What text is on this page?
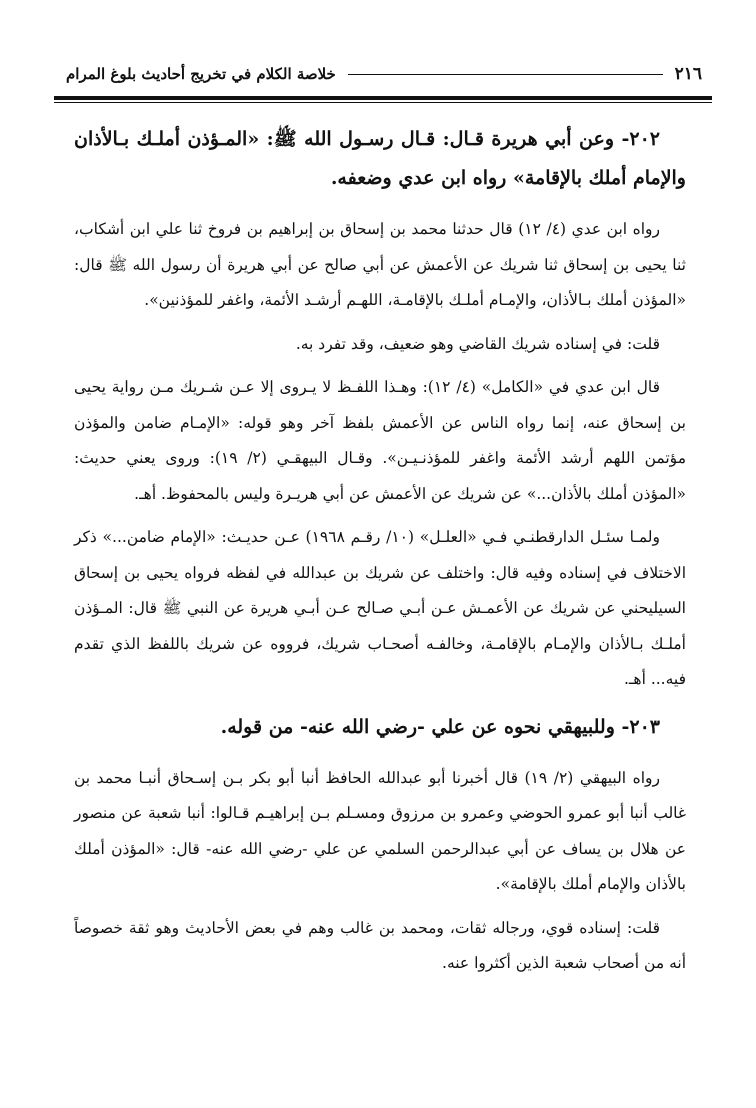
خلاصة الكلام في تخريج أحاديث بلوغ المرام	٢١٦

٢٠٢- وعن أبي هريرة قـال: قـال رسـول الله ﷺ: «المـؤذن أملـك بـالأذان والإمام أملك بالإقامة» رواه ابن عدي وضعفه.

رواه ابن عدي (٤/ ١٢) قال حدثنا محمد بن إسحاق بن إبراهيم بن فروخ ثنا علي ابن أشكاب، ثنا يحيى بن إسحاق ثنا شريك عن الأعمش عن أبي صالح عن أبي هريرة أن رسول الله ﷺ قال: «المؤذن أملك بـالأذان، والإمـام أملـك بالإقامـة، اللهـم أرشـد الأئمة، واغفر للمؤذنين».

قلت: في إسناده شريك القاضي وهو ضعيف، وقد تفرد به.

قال ابن عدي في «الكامل» (٤/ ١٢): وهـذا اللفـظ لا يـروى إلا عـن شـريك مـن رواية يحيى بن إسحاق عنه، إنما رواه الناس عن الأعمش بلفظ آخر وهو قوله: «الإمـام ضامن والمؤذن مؤتمن اللهم أرشد الأئمة واغفر للمؤذنـيـن». وقـال البيهقـي (٢/ ١٩): وروى يعني حديث: «المؤذن أملك بالأذان...» عن شريك عن الأعمش عن أبي هريـرة وليس بالمحفوظ. أهـ.

ولمـا سئـل الدارقطنـي فـي «العلـل» (١٠/ رقـم ١٩٦٨) عـن حديـث: «الإمام ضامن...» ذكر الاختلاف في إسناده وفيه قال: واختلف عن شريك بن عبدالله في لفظه فرواه يحيى بن إسحاق السيليحني عن شريك عن الأعمـش عـن أبـي صـالح عـن أبـي هريرة عن النبي ﷺ قال: المـؤذن أملـك بـالأذان والإمـام بالإقامـة، وخالفـه أصحـاب شريك، فرووه عن شريك باللفظ الذي تقدم فيه... أهـ.

٢٠٣- وللبيهقي نحوه عن علي -رضي الله عنه- من قوله.

رواه البيهقي (٢/ ١٩) قال أخبرنا أبو عبدالله الحافظ أنبا أبو بكر بـن إسـحاق أنبـا محمد بن غالب أنبا أبو عمرو الحوضي وعمرو بن مرزوق ومسـلم بـن إبراهيـم قـالوا: أنبا شعبة عن منصور عن هلال بن يساف عن أبي عبدالرحمن السلمي عن علي -رضي الله عنه- قال: «المؤذن أملك بالأذان والإمام أملك بالإقامة».

قلت: إسناده قوي، ورجاله ثقات، ومحمد بن غالب وهم في بعض الأحاديث وهو ثقة خصوصاً أنه من أصحاب شعبة الذين أكثروا عنه.
